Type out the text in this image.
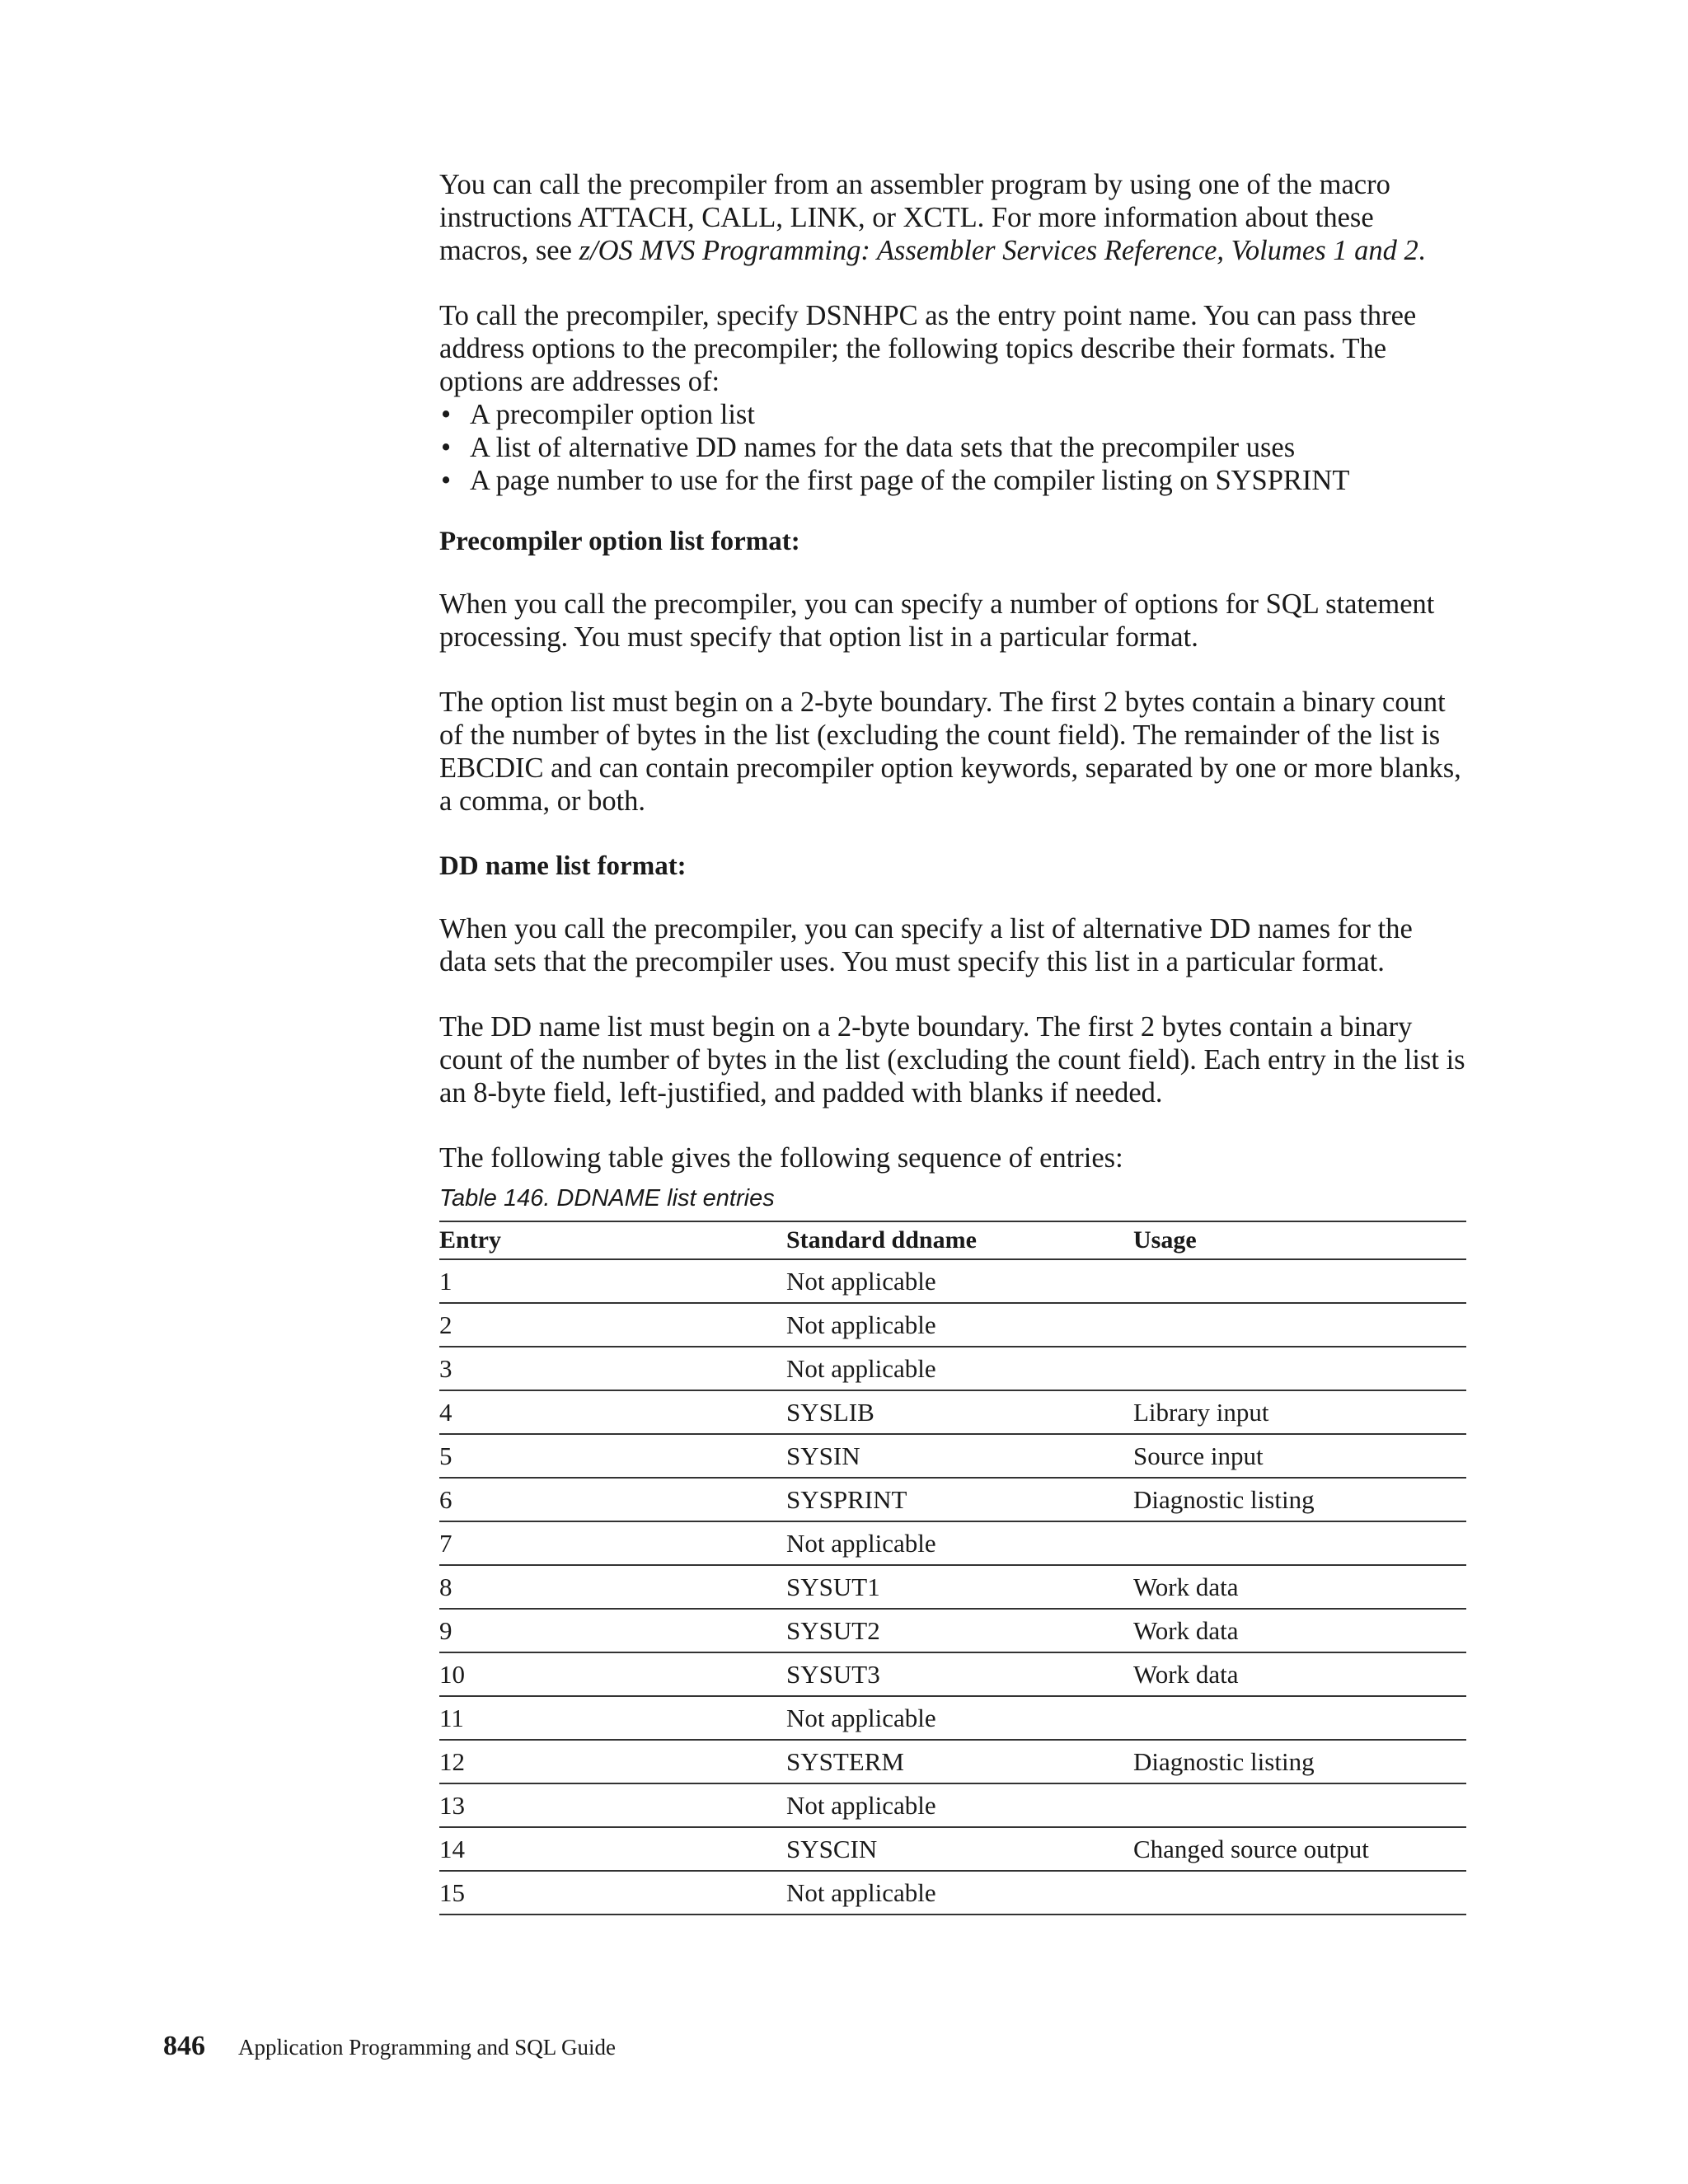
You can call the precompiler from an assembler program by using one of the macro instructions ATTACH, CALL, LINK, or XCTL. For more information about these macros, see z/OS MVS Programming: Assembler Services Reference, Volumes 1 and 2.

To call the precompiler, specify DSNHPC as the entry point name. You can pass three address options to the precompiler; the following topics describe their formats. The options are addresses of:

• A precompiler option list
• A list of alternative DD names for the data sets that the precompiler uses
• A page number to use for the first page of the compiler listing on SYSPRINT
Precompiler option list format:

When you call the precompiler, you can specify a number of options for SQL statement processing. You must specify that option list in a particular format.

The option list must begin on a 2-byte boundary. The first 2 bytes contain a binary count of the number of bytes in the list (excluding the count field). The remainder of the list is EBCDIC and can contain precompiler option keywords, separated by one or more blanks, a comma, or both.

DD name list format:

When you call the precompiler, you can specify a list of alternative DD names for the data sets that the precompiler uses. You must specify this list in a particular format.

The DD name list must begin on a 2-byte boundary. The first 2 bytes contain a binary count of the number of bytes in the list (excluding the count field). Each entry in the list is an 8-byte field, left-justified, and padded with blanks if needed.

The following table gives the following sequence of entries:

Table 146. DDNAME list entries
Entry	Standard ddname	Usage
1	Not applicable	
2	Not applicable	
3	Not applicable	
4	SYSLIB	Library input
5	SYSIN	Source input
6	SYSPRINT	Diagnostic listing
7	Not applicable	
8	SYSUT1	Work data
9	SYSUT2	Work data
10	SYSUT3	Work data
11	Not applicable	
12	SYSTERM	Diagnostic listing
13	Not applicable	
14	SYSCIN	Changed source output
15	Not applicable	
846 Application Programming and SQL Guide
